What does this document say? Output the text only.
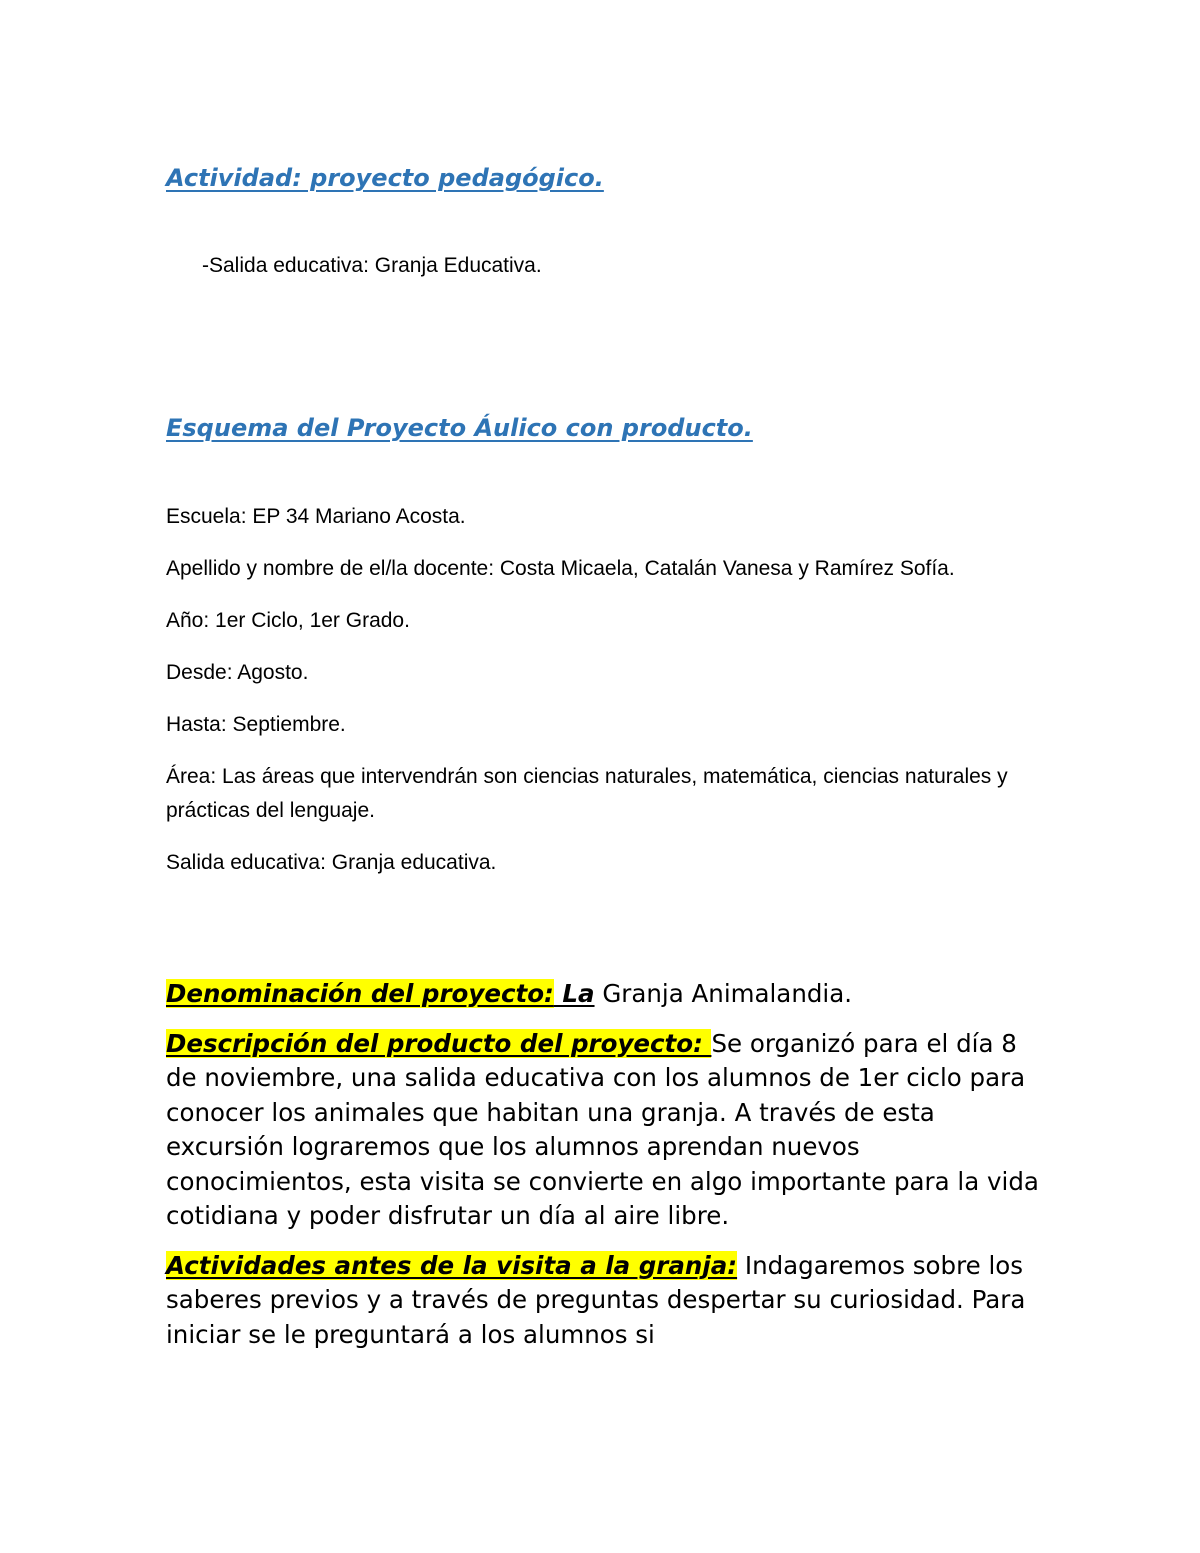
Actividad: proyecto pedagógico.

-Salida educativa: Granja Educativa.

Esquema del Proyecto Áulico con producto.

Escuela: EP 34 Mariano Acosta.

Apellido y nombre de el/la docente: Costa Micaela, Catalán Vanesa y Ramírez Sofía.

Año: 1er Ciclo, 1er Grado.

Desde: Agosto.

Hasta: Septiembre.

Área: Las áreas que intervendrán son ciencias naturales, matemática, ciencias naturales y prácticas del lenguaje.

Salida educativa: Granja educativa.

Denominación del proyecto: La Granja Animalandia.

Descripción del producto del proyecto: Se organizó para el día 8 de noviembre, una salida educativa con los alumnos de 1er ciclo para conocer los animales que habitan una granja. A través de esta excursión lograremos que los alumnos aprendan nuevos conocimientos, esta visita se convierte en algo importante para la vida cotidiana y poder disfrutar un día al aire libre.

Actividades antes de la visita a la granja: Indagaremos sobre los saberes previos y a través de preguntas despertar su curiosidad. Para iniciar se le preguntará a los alumnos si
